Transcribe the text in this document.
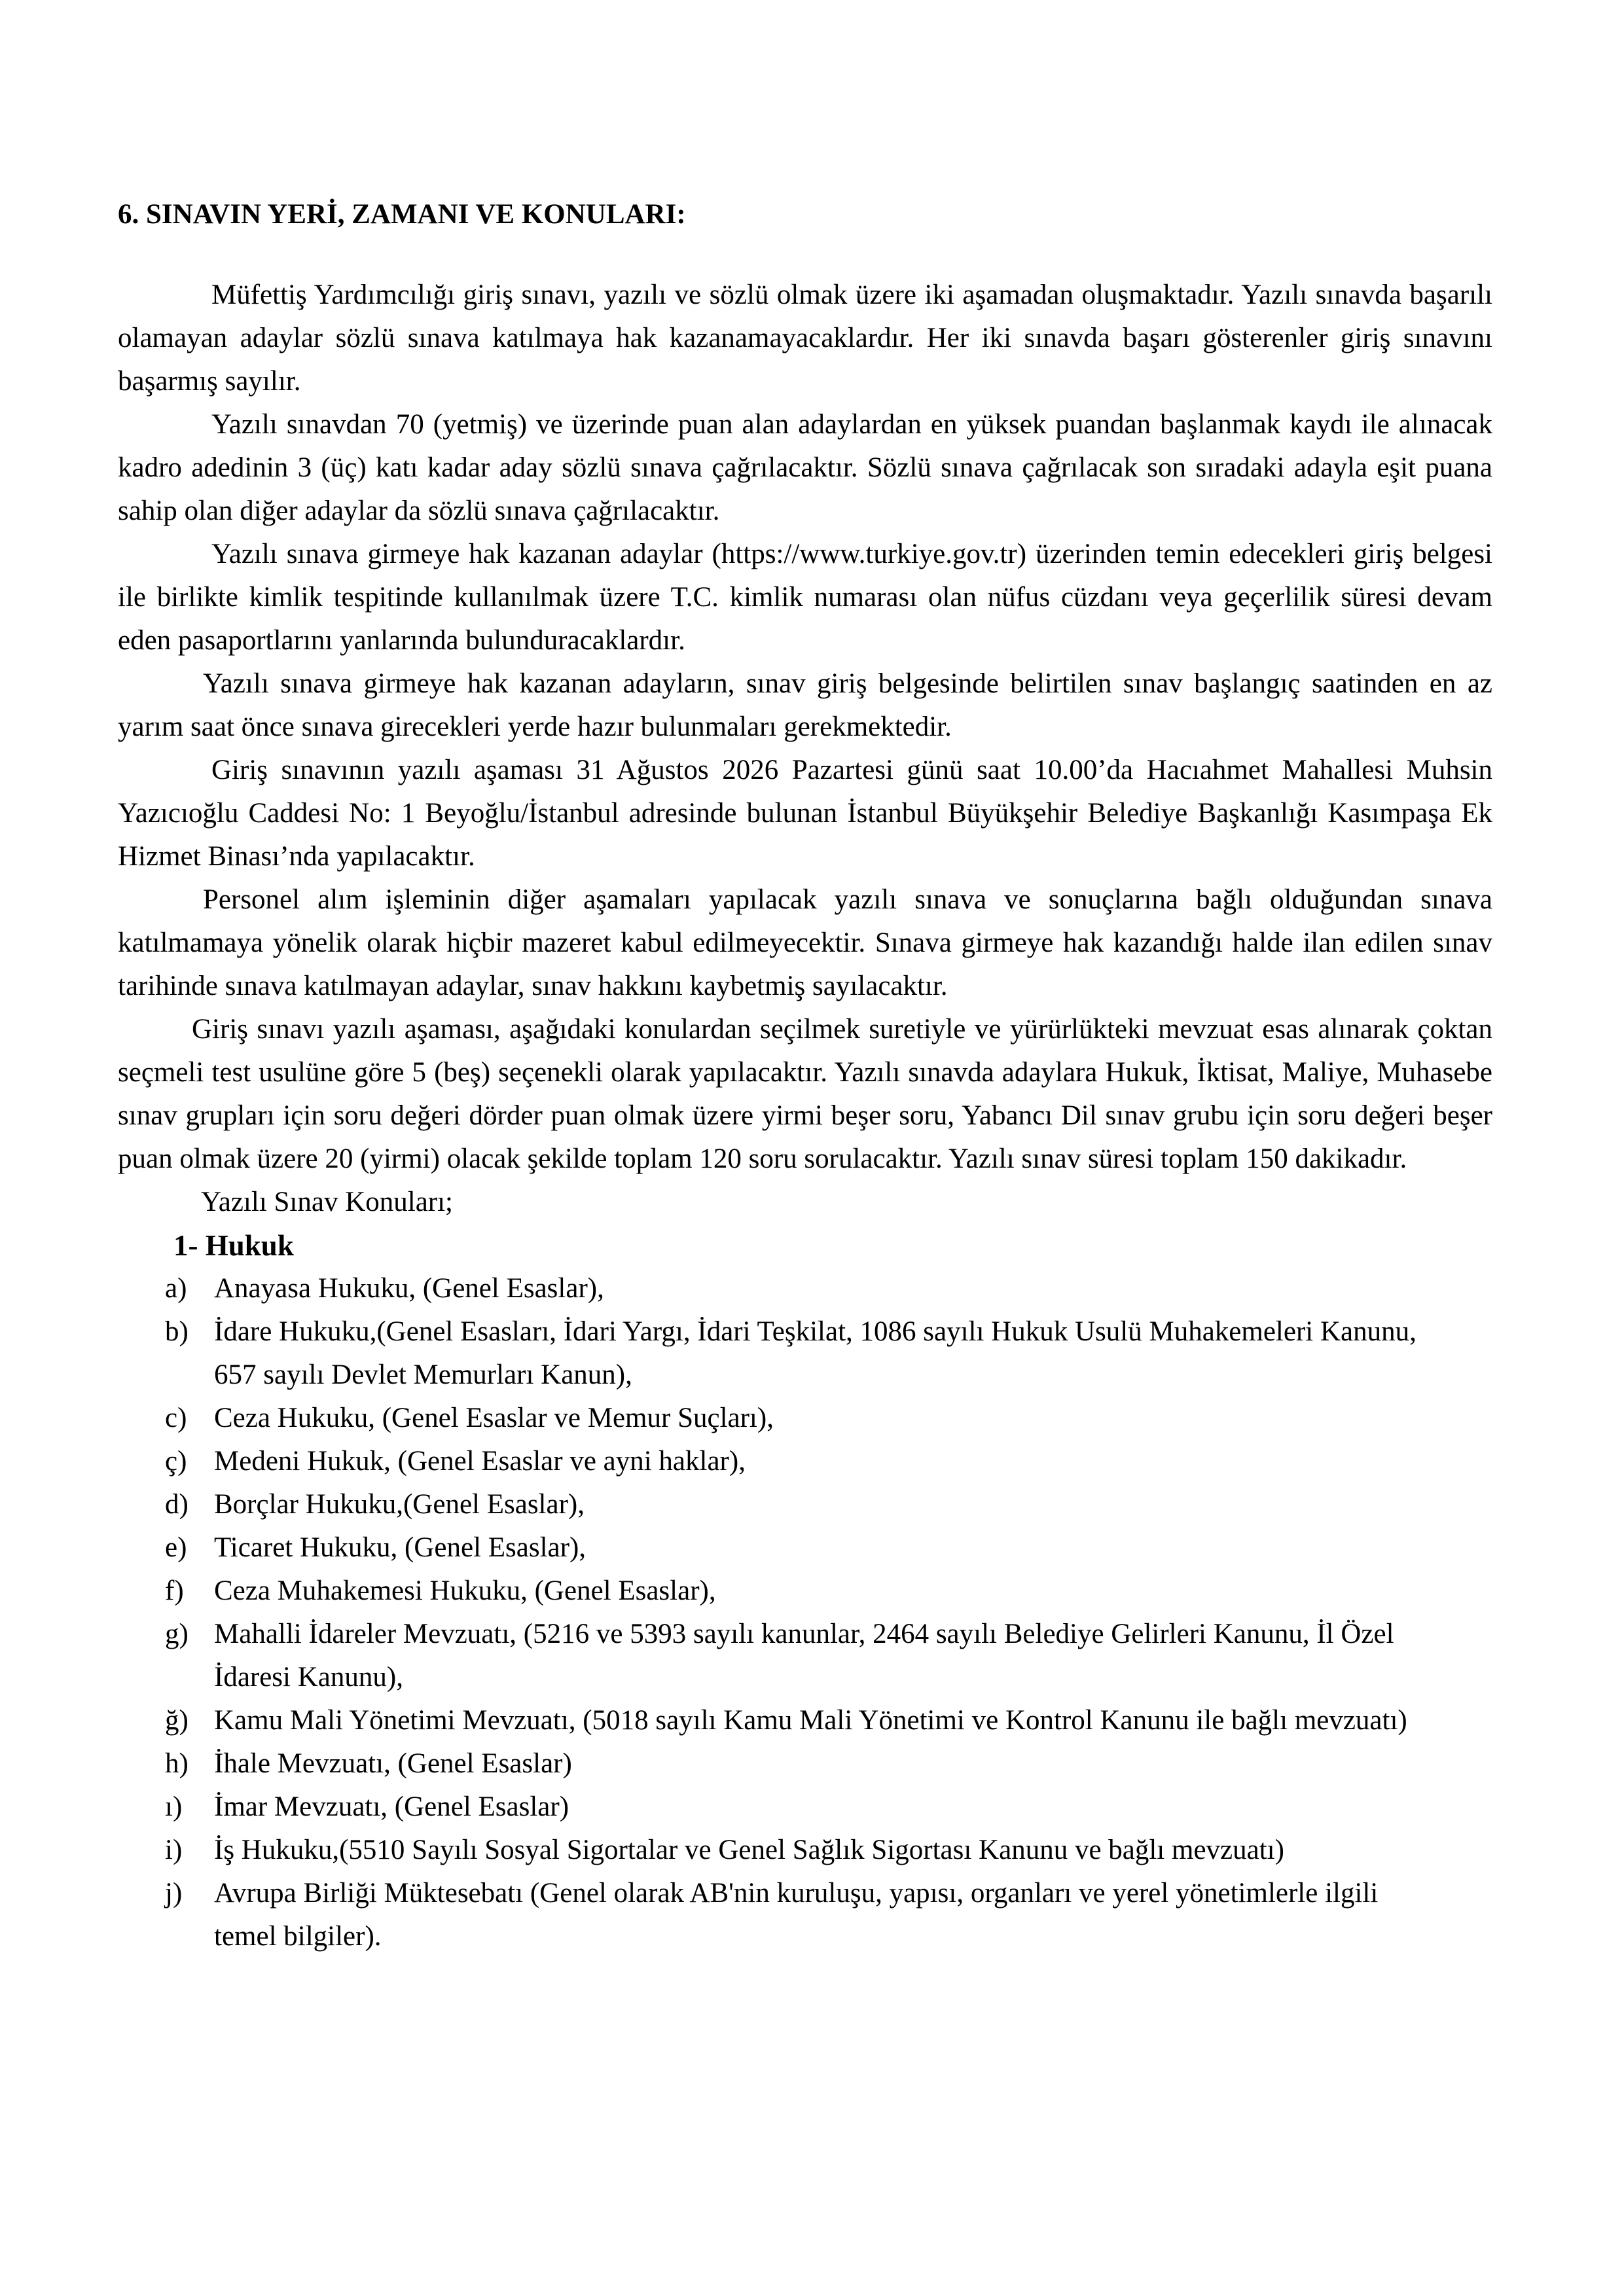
6. SINAVIN YERİ, ZAMANI VE KONULARI:

Müfettiş Yardımcılığı giriş sınavı, yazılı ve sözlü olmak üzere iki aşamadan oluşmaktadır. Yazılı sınavda başarılı olamayan adaylar sözlü sınava katılmaya hak kazanamayacaklardır. Her iki sınavda başarı gösterenler giriş sınavını başarmış sayılır.

Yazılı sınavdan 70 (yetmiş) ve üzerinde puan alan adaylardan en yüksek puandan başlanmak kaydı ile alınacak kadro adedinin 3 (üç) katı kadar aday sözlü sınava çağrılacaktır. Sözlü sınava çağrılacak son sıradaki adayla eşit puana sahip olan diğer adaylar da sözlü sınava çağrılacaktır.

Yazılı sınava girmeye hak kazanan adaylar (https://www.turkiye.gov.tr) üzerinden temin edecekleri giriş belgesi ile birlikte kimlik tespitinde kullanılmak üzere T.C. kimlik numarası olan nüfus cüzdanı veya geçerlilik süresi devam eden pasaportlarını yanlarında bulunduracaklardır.

Yazılı sınava girmeye hak kazanan adayların, sınav giriş belgesinde belirtilen sınav başlangıç saatinden en az yarım saat önce sınava girecekleri yerde hazır bulunmaları gerekmektedir.

Giriş sınavının yazılı aşaması 31 Ağustos 2026 Pazartesi günü saat 10.00’da Hacıahmet Mahallesi Muhsin Yazıcıoğlu Caddesi No: 1 Beyoğlu/İstanbul adresinde bulunan İstanbul Büyükşehir Belediye Başkanlığı Kasımpaşa Ek Hizmet Binası’nda yapılacaktır.

Personel alım işleminin diğer aşamaları yapılacak yazılı sınava ve sonuçlarına bağlı olduğundan sınava katılmamaya yönelik olarak hiçbir mazeret kabul edilmeyecektir. Sınava girmeye hak kazandığı halde ilan edilen sınav tarihinde sınava katılmayan adaylar, sınav hakkını kaybetmiş sayılacaktır.

Giriş sınavı yazılı aşaması, aşağıdaki konulardan seçilmek suretiyle ve yürürlükteki mevzuat esas alınarak çoktan seçmeli test usulüne göre 5 (beş) seçenekli olarak yapılacaktır. Yazılı sınavda adaylara Hukuk, İktisat, Maliye, Muhasebe sınav grupları için soru değeri dörder puan olmak üzere yirmi beşer soru, Yabancı Dil sınav grubu için soru değeri beşer puan olmak üzere 20 (yirmi) olacak şekilde toplam 120 soru sorulacaktır. Yazılı sınav süresi toplam 150 dakikadır.

Yazılı Sınav Konuları;

1- Hukuk

a) Anayasa Hukuku, (Genel Esaslar),
b) İdare Hukuku,(Genel Esasları, İdari Yargı, İdari Teşkilat, 1086 sayılı Hukuk Usulü Muhakemeleri Kanunu, 657 sayılı Devlet Memurları Kanun),
c) Ceza Hukuku, (Genel Esaslar ve Memur Suçları),
ç) Medeni Hukuk, (Genel Esaslar ve ayni haklar),
d) Borçlar Hukuku,(Genel Esaslar),
e) Ticaret Hukuku, (Genel Esaslar),
f)	Ceza Muhakemesi Hukuku, (Genel Esaslar),
g) Mahalli İdareler Mevzuatı, (5216 ve 5393 sayılı kanunlar, 2464 sayılı Belediye Gelirleri Kanunu, İl Özel İdaresi Kanunu),
ğ) Kamu Mali Yönetimi Mevzuatı, (5018 sayılı Kamu Mali Yönetimi ve Kontrol Kanunu ile bağlı mevzuatı)
h) İhale Mevzuatı, (Genel Esaslar)
ı)	İmar Mevzuatı, (Genel Esaslar)
i)	İş Hukuku,(5510 Sayılı Sosyal Sigortalar ve Genel Sağlık Sigortası Kanunu ve bağlı mevzuatı)
j)	Avrupa Birliği Müktesebatı (Genel olarak AB'nin kuruluşu, yapısı, organları ve yerel yönetimlerle ilgili temel bilgiler).
